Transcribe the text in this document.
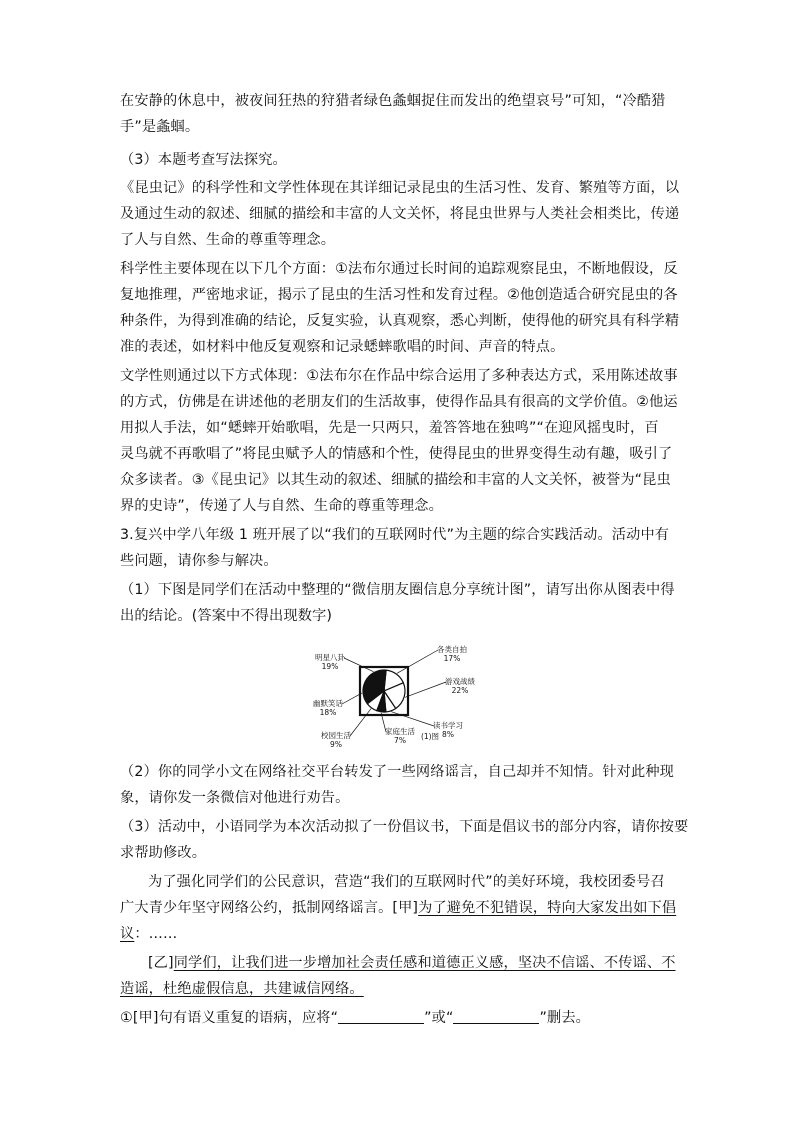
在安静的休息中，被夜间狂热的狩猎者绿色螽蝈捉住而发出的绝望哀号”可知，“冷酷猎
手”是螽蝈。
（3）本题考查写法探究。
《昆虫记》的科学性和文学性体现在其详细记录昆虫的生活习性、发育、繁殖等方面，以
及通过生动的叙述、细腻的描绘和丰富的人文关怀，将昆虫世界与人类社会相类比，传递
了人与自然、生命的尊重等理念。
科学性主要体现在以下几个方面：①法布尔通过长时间的追踪观察昆虫，不断地假设，反
复地推理，严密地求证，揭示了昆虫的生活习性和发育过程。②他创造适合研究昆虫的各
种条件，为得到准确的结论，反复实验，认真观察，悉心判断，使得他的研究具有科学精
准的表述，如材料中他反复观察和记录蟋蟀歌唱的时间、声音的特点。
文学性则通过以下方式体现：①法布尔在作品中综合运用了多种表达方式，采用陈述故事
的方式，仿佛是在讲述他的老朋友们的生活故事，使得作品具有很高的文学价值。②他运
用拟人手法，如“蟋蟀开始歌唱，先是一只两只，羞答答地在独鸣”“在迎风摇曳时，百
灵鸟就不再歌唱了”将昆虫赋予人的情感和个性，使得昆虫的世界变得生动有趣，吸引了
众多读者。③《昆虫记》以其生动的叙述、细腻的描绘和丰富的人文关怀，被誉为“昆虫
界的史诗”，传递了人与自然、生命的尊重等理念。
3.复兴中学八年级 1 班开展了以“我们的互联网时代”为主题的综合实践活动。活动中有
些问题，请你参与解决。
（1）下图是同学们在活动中整理的“微信朋友圈信息分享统计图”，请写出你从图表中得
出的结论。(答案中不得出现数字)
（2）你的同学小文在网络社交平台转发了一些网络谣言，自己却并不知情。针对此种现
象，请你发一条微信对他进行劝告。
（3）活动中，小语同学为本次活动拟了一份倡议书，下面是倡议书的部分内容，请你按要
求帮助修改。
为了强化同学们的公民意识，营造“我们的互联网时代”的美好环境，我校团委号召
广大青少年坚守网络公约，抵制网络谣言。[甲]为了避免不犯错误，特向大家发出如下倡
议：……
[乙]同学们，让我们进一步增加社会责任感和道德正义感，坚决不信谣、不传谣、不
造谣，杜绝虚假信息，共建诚信网络。
①[甲]句有语义重复的语病，应将“	”或“	”删去。
各类自拍
17%
游戏战绩
22%
读书学习
8%
家庭生活
7%
校园生活
9%
幽默笑话
18%
明星八卦
19%
(1)图
